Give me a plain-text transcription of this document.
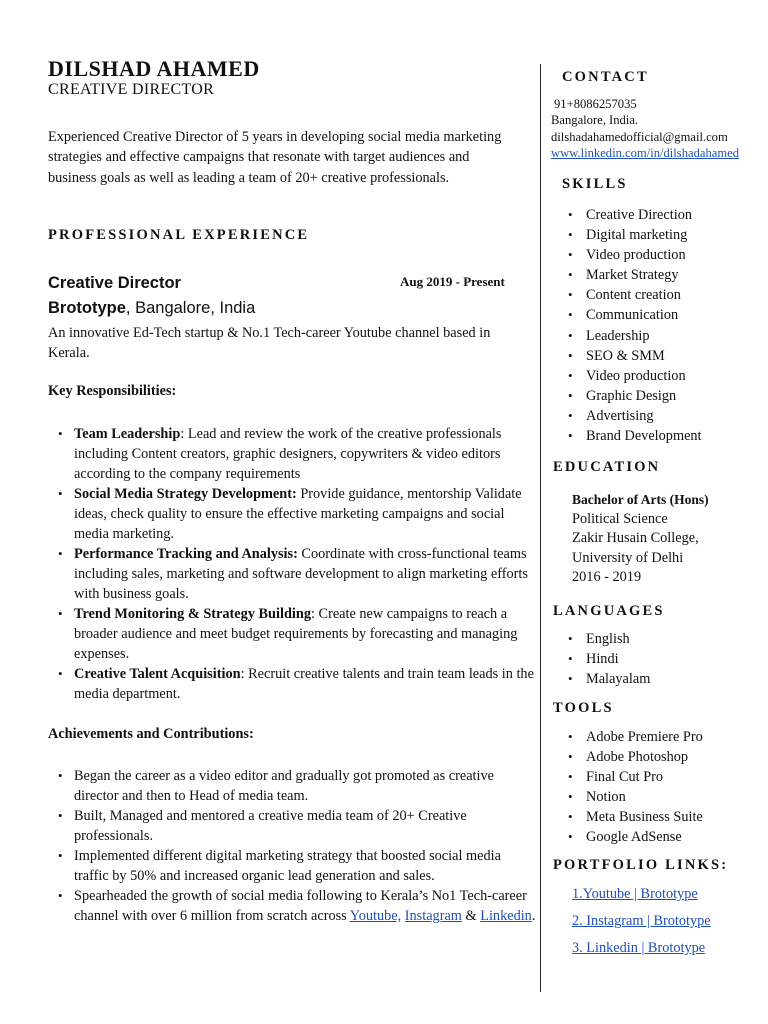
DILSHAD AHAMED
CREATIVE DIRECTOR
Experienced Creative Director of 5 years in developing social media marketing strategies and effective campaigns that resonate with target audiences and business goals as well as leading a team of 20+ creative professionals.
PROFESSIONAL EXPERIENCE
Creative Director	Aug 2019 - Present
Brototype, Bangalore, India
An innovative Ed-Tech startup & No.1 Tech-career Youtube channel based in Kerala.
Key Responsibilities:
• Team Leadership: Lead and review the work of the creative professionals including Content creators, graphic designers, copywriters & video editors according to the company requirements
• Social Media Strategy Development: Provide guidance, mentorship Validate ideas, check quality to ensure the effective marketing campaigns and social media marketing.
• Performance Tracking and Analysis: Coordinate with cross-functional teams including sales, marketing and software development to align marketing efforts with business goals.
• Trend Monitoring & Strategy Building: Create new campaigns to reach a broader audience and meet budget requirements by forecasting and managing expenses.
• Creative Talent Acquisition: Recruit creative talents and train team leads in the media department.
Achievements and Contributions:
• Began the career as a video editor and gradually got promoted as creative director and then to Head of media team.
• Built, Managed and mentored a creative media team of 20+ Creative professionals.
• Implemented different digital marketing strategy that boosted social media traffic by 50% and increased organic lead generation and sales.
• Spearheaded the growth of social media following to Kerala’s No1 Tech-career channel with over 6 million from scratch across Youtube, Instagram & Linkedin.
CONTACT
91+8086257035
Bangalore, India.
dilshadahamedofficial@gmail.com
www.linkedin.com/in/dilshadahamed
SKILLS
• Creative Direction
• Digital marketing
• Video production
• Market Strategy
• Content creation
• Communication
• Leadership
• SEO & SMM
• Video production
• Graphic Design
• Advertising
• Brand Development
EDUCATION
Bachelor of Arts (Hons)
Political Science
Zakir Husain College,
University of Delhi
2016 - 2019
LANGUAGES
• English
• Hindi
• Malayalam
TOOLS
• Adobe Premiere Pro
• Adobe Photoshop
• Final Cut Pro
• Notion
• Meta Business Suite
• Google AdSense
PORTFOLIO LINKS:
1.Youtube | Brototype
2. Instagram | Brototype
3. Linkedin | Brototype
